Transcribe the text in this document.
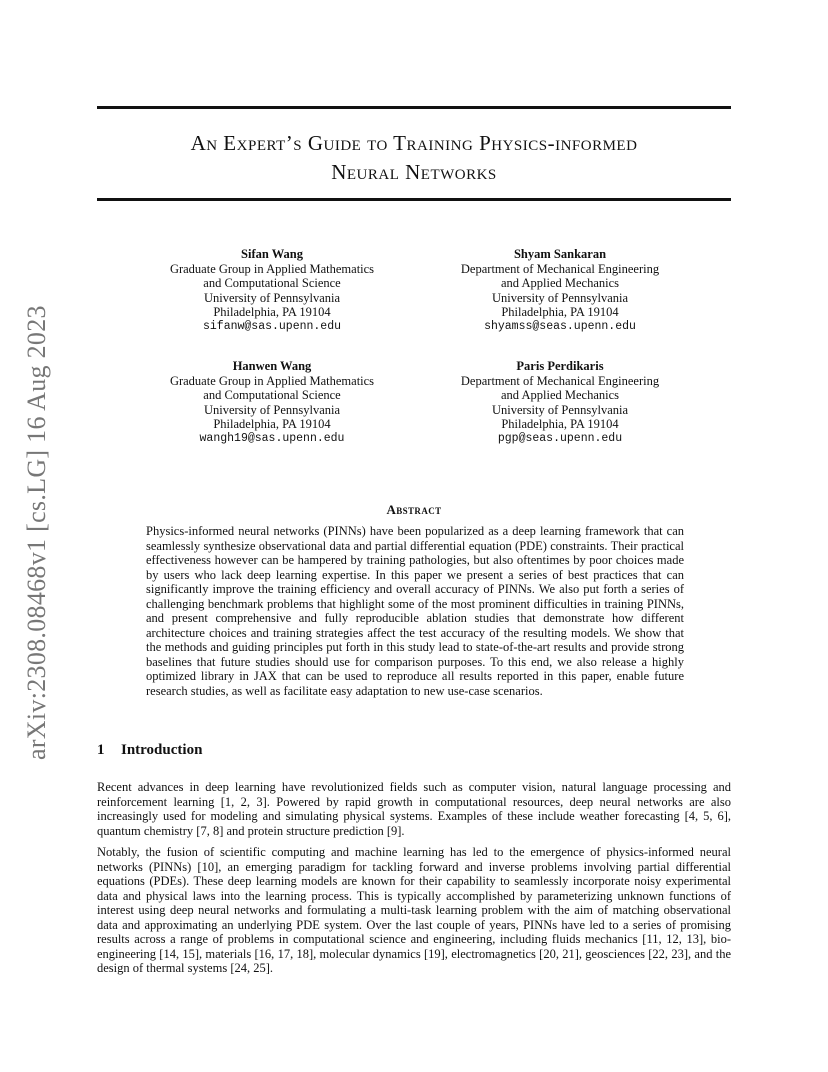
arXiv:2308.08468v1 [cs.LG] 16 Aug 2023
An Expert’s Guide to Training Physics-informed
Neural Networks
Sifan Wang
Graduate Group in Applied Mathematics
and Computational Science
University of Pennsylvania
Philadelphia, PA 19104
sifanw@sas.upenn.edu
Shyam Sankaran
Department of Mechanical Engineering
and Applied Mechanics
University of Pennsylvania
Philadelphia, PA 19104
shyamss@seas.upenn.edu
Hanwen Wang
Graduate Group in Applied Mathematics
and Computational Science
University of Pennsylvania
Philadelphia, PA 19104
wangh19@sas.upenn.edu
Paris Perdikaris
Department of Mechanical Engineering
and Applied Mechanics
University of Pennsylvania
Philadelphia, PA 19104
pgp@seas.upenn.edu
Abstract
Physics-informed neural networks (PINNs) have been popularized as a deep learning framework that can seamlessly synthesize observational data and partial differential equation (PDE) constraints. Their practical effectiveness however can be hampered by training pathologies, but also oftentimes by poor choices made by users who lack deep learning expertise. In this paper we present a series of best practices that can significantly improve the training efficiency and overall accuracy of PINNs. We also put forth a series of challenging benchmark problems that highlight some of the most prominent difficulties in training PINNs, and present comprehensive and fully reproducible ablation studies that demonstrate how different architecture choices and training strategies affect the test accuracy of the resulting models. We show that the methods and guiding principles put forth in this study lead to state-of-the-art results and provide strong baselines that future studies should use for comparison purposes. To this end, we also release a highly optimized library in JAX that can be used to reproduce all results reported in this paper, enable future research studies, as well as facilitate easy adaptation to new use-case scenarios.
1 Introduction
Recent advances in deep learning have revolutionized fields such as computer vision, natural language processing and reinforcement learning [1, 2, 3]. Powered by rapid growth in computational resources, deep neural networks are also increasingly used for modeling and simulating physical systems. Examples of these include weather forecasting [4, 5, 6], quantum chemistry [7, 8] and protein structure prediction [9].
Notably, the fusion of scientific computing and machine learning has led to the emergence of physics-informed neural networks (PINNs) [10], an emerging paradigm for tackling forward and inverse problems involving partial differential equations (PDEs). These deep learning models are known for their capability to seamlessly incorporate noisy experimental data and physical laws into the learning process. This is typically accomplished by parameterizing unknown functions of interest using deep neural networks and formulating a multi-task learning problem with the aim of matching observational data and approximating an underlying PDE system. Over the last couple of years, PINNs have led to a series of promising results across a range of problems in computational science and engineering, including fluids mechanics [11, 12, 13], bio-engineering [14, 15], materials [16, 17, 18], molecular dynamics [19], electromagnetics [20, 21], geosciences [22, 23], and the design of thermal systems [24, 25].
